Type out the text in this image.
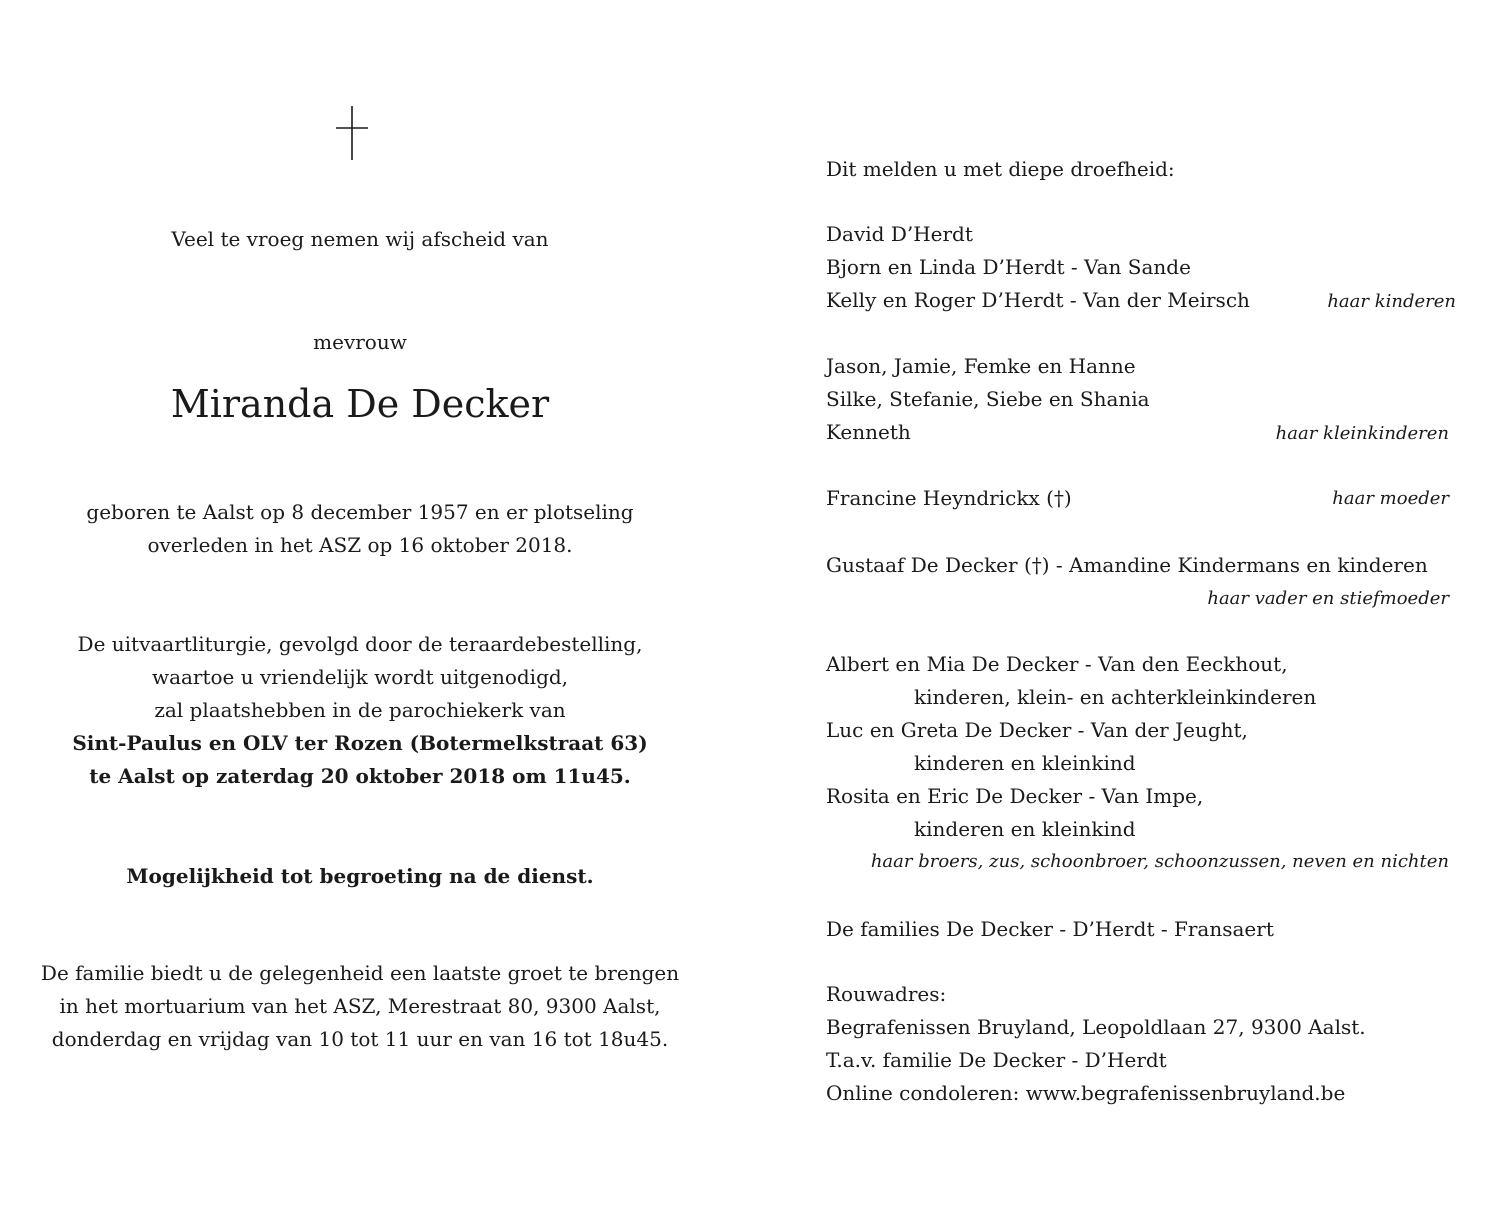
Veel te vroeg nemen wij afscheid van
mevrouw
Miranda De Decker
geboren te Aalst op 8 december 1957 en er plotseling
overleden in het ASZ op 16 oktober 2018.
De uitvaartliturgie, gevolgd door de teraardebestelling,
waartoe u vriendelijk wordt uitgenodigd,
zal plaatshebben in de parochiekerk van
Sint-Paulus en OLV ter Rozen (Botermelkstraat 63)
te Aalst op zaterdag 20 oktober 2018 om 11u45.
Mogelijkheid tot begroeting na de dienst.
De familie biedt u de gelegenheid een laatste groet te brengen
in het mortuarium van het ASZ, Merestraat 80, 9300 Aalst,
donderdag en vrijdag van 10 tot 11 uur en van 16 tot 18u45.
Dit melden u met diepe droefheid:
David D’Herdt
Bjorn en Linda D’Herdt - Van Sande
Kelly en Roger D’Herdt - Van der Meirsch	haar kinderen
Jason, Jamie, Femke en Hanne
Silke, Stefanie, Siebe en Shania
Kenneth	haar kleinkinderen
Francine Heyndrickx (†)	haar moeder
Gustaaf De Decker (†) - Amandine Kindermans en kinderen
haar vader en stiefmoeder
Albert en Mia De Decker - Van den Eeckhout,
kinderen, klein- en achterkleinkinderen
Luc en Greta De Decker - Van der Jeught,
kinderen en kleinkind
Rosita en Eric De Decker - Van Impe,
kinderen en kleinkind
haar broers, zus, schoonbroer, schoonzussen, neven en nichten
De families De Decker - D’Herdt - Fransaert
Rouwadres:
Begrafenissen Bruyland, Leopoldlaan 27, 9300 Aalst.
T.a.v. familie De Decker - D’Herdt
Online condoleren: www.begrafenissenbruyland.be
